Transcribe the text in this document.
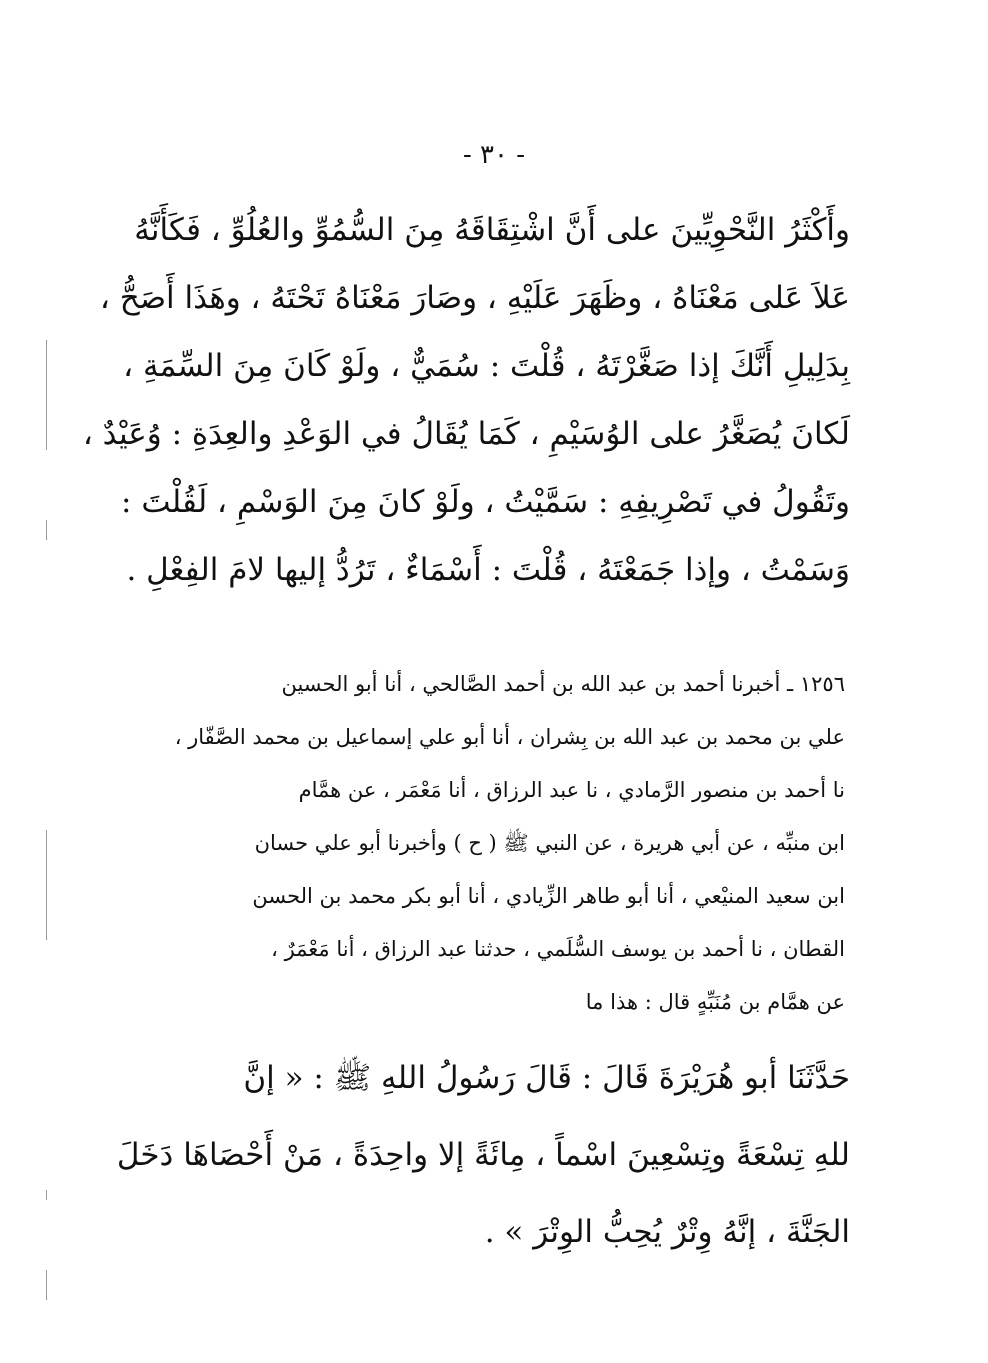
- ٣٠ -
وأَكْثَرُ النَّحْوِيِّينَ على أَنَّ اشْتِقَاقَهُ مِنَ السُّمُوِّ والعُلُوِّ ، فَكَأَنَّهُ
عَلاَ عَلى مَعْنَاهُ ، وظَهَرَ عَلَيْهِ ، وصَارَ مَعْنَاهُ تَحْتَهُ ، وهَذَا أَصَحُّ ،
بِدَلِيلِ أَنَّكَ إذا صَغَّرْتَهُ ، قُلْتَ : سُمَيٌّ ، ولَوْ كَانَ مِنَ السِّمَةِ ،
لَكانَ يُصَغَّرُ على الوُسَيْمِ ، كَمَا يُقَالُ في الوَعْدِ والعِدَةِ : وُعَيْدٌ ،
وتَقُولُ في تَصْرِيفِهِ : سَمَّيْتُ ، ولَوْ كانَ مِنَ الوَسْمِ ، لَقُلْتَ :
وَسَمْتُ ، وإذا جَمَعْتَهُ ، قُلْتَ : أَسْمَاءٌ ، تَرُدُّ إليها لامَ الفِعْلِ .
١٢٥٦ ـ أخبرنا أحمد بن عبد الله بن أحمد الصَّالحي ، أنا أبو الحسين
علي بن محمد بن عبد الله بن بِشران ، أنا أبو علي إسماعيل بن محمد الصَّفّار ،
نا أحمد بن منصور الرَّمادي ، نا عبد الرزاق ، أنا مَعْمَر ، عن همَّام
ابن منبِّه ، عن أبي هريرة ، عن النبي ﷺ ( ح ) وأخبرنا أبو علي حسان
ابن سعيد المنيْعي ، أنا أبو طاهر الزِّيادي ، أنا أبو بكر محمد بن الحسن
القطان ، نا أحمد بن يوسف السُّلَمي ، حدثنا عبد الرزاق ، أنا مَعْمَرٌ ،
عن همَّام بن مُنَبِّهٍ قال : هذا ما
حَدَّثَنَا أبو هُرَيْرَةَ قَالَ : قَالَ رَسُولُ اللهِ ﷺ : « إنَّ
للهِ تِسْعَةً وتِسْعِينَ اسْماً ، مِائَةً إلا واحِدَةً ، مَنْ أَحْصَاهَا دَخَلَ
الجَنَّةَ ، إنَّهُ وِتْرٌ يُحِبُّ الوِتْرَ » .
